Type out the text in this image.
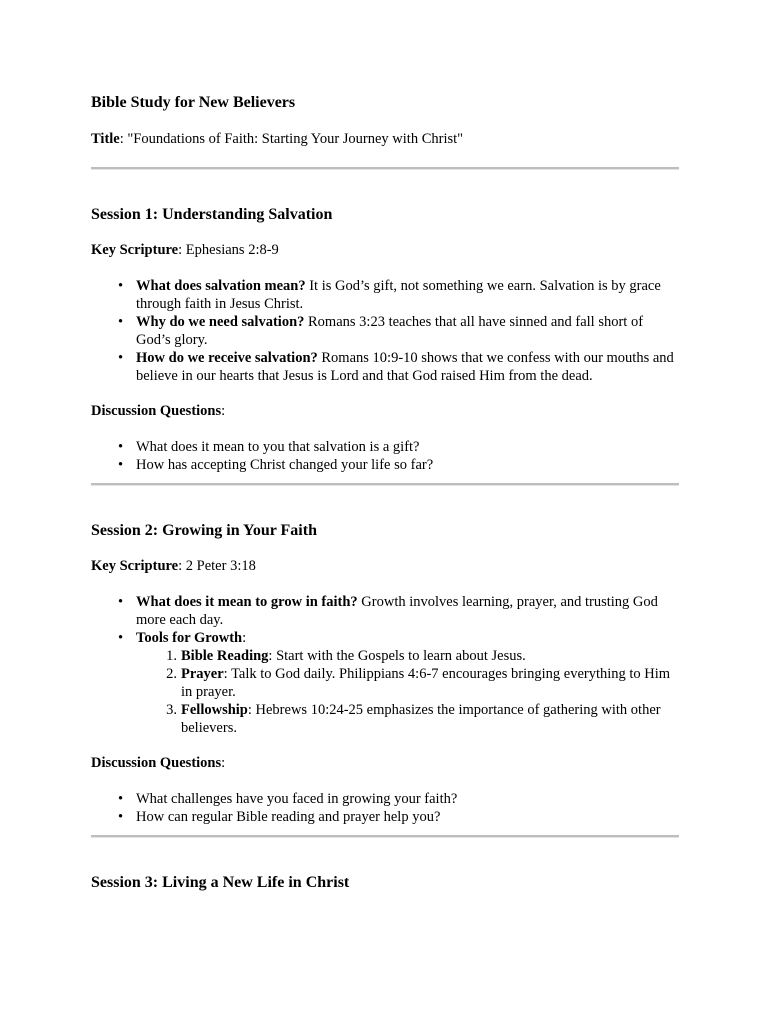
Bible Study for New Believers

Title: "Foundations of Faith: Starting Your Journey with Christ"

Session 1: Understanding Salvation

Key Scripture: Ephesians 2:8-9

• What does salvation mean? It is God’s gift, not something we earn. Salvation is by grace through faith in Jesus Christ.
• Why do we need salvation? Romans 3:23 teaches that all have sinned and fall short of God’s glory.
• How do we receive salvation? Romans 10:9-10 shows that we confess with our mouths and believe in our hearts that Jesus is Lord and that God raised Him from the dead.

Discussion Questions:

• What does it mean to you that salvation is a gift?
• How has accepting Christ changed your life so far?
Session 2: Growing in Your Faith

Key Scripture: 2 Peter 3:18

• What does it mean to grow in faith? Growth involves learning, prayer, and trusting God more each day.
• Tools for Growth:
1. Bible Reading: Start with the Gospels to learn about Jesus.
2. Prayer: Talk to God daily. Philippians 4:6-7 encourages bringing everything to Him in prayer.
3. Fellowship: Hebrews 10:24-25 emphasizes the importance of gathering with other believers.

Discussion Questions:

• What challenges have you faced in growing your faith?
• How can regular Bible reading and prayer help you?
Session 3: Living a New Life in Christ
